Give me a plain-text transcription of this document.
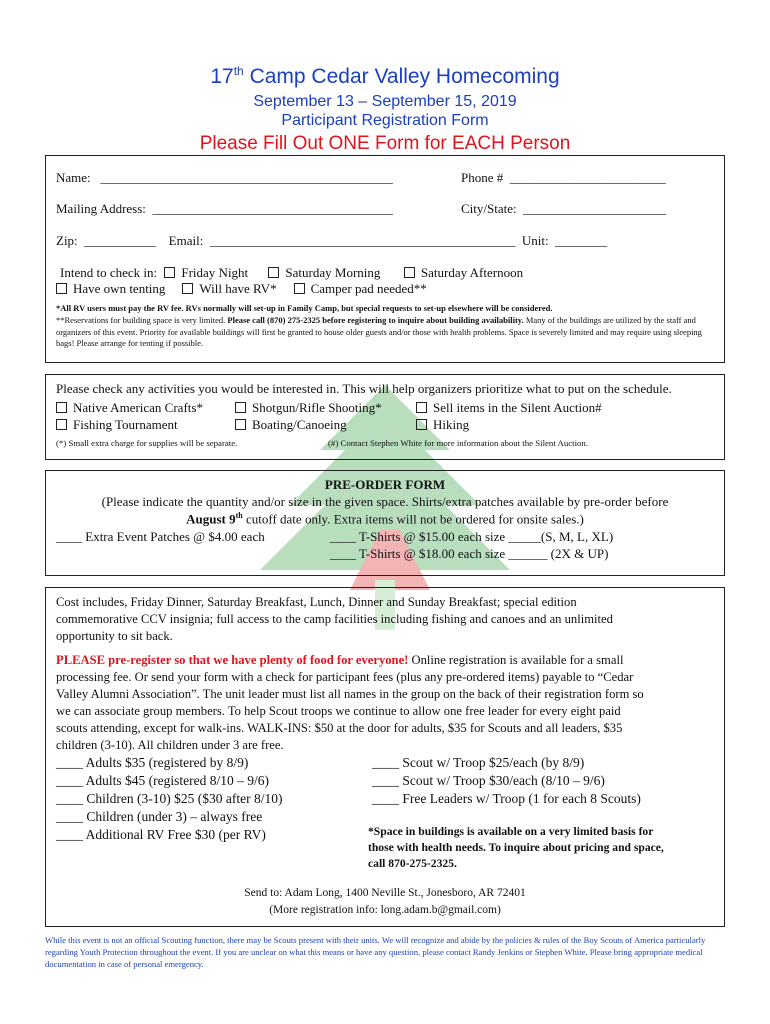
17th Camp Cedar Valley Homecoming
September 13 – September 15, 2019
Participant Registration Form
Please Fill Out ONE Form for EACH Person
Name: _____________________________________________	Phone # ________________________
Mailing Address: _____________________________________	City/State: ______________________
Zip: ___________ Email: _______________________________________________ Unit: ________
Intend to check in: Friday Night	Saturday Morning	Saturday Afternoon
Have own tenting	Will have RV*	Camper pad needed**
*All RV users must pay the RV fee. RVs normally will set-up in Family Camp, but special requests to set-up elsewhere will be considered.
**Reservations for building space is very limited. Please call (870) 275-2325 before registering to inquire about building availability. Many of the buildings are utilized by the staff and organizers of this event. Priority for available buildings will first be granted to house older guests and/or those with health problems. Space is severely limited and may require using sleeping bags! Please arrange for tenting if possible.
Please check any activities you would be interested in. This will help organizers prioritize what to put on the schedule.
Native American Crafts*	Shotgun/Rifle Shooting*	Sell items in the Silent Auction#
Fishing Tournament	Boating/Canoeing	Hiking
(*) Small extra charge for supplies will be separate.	(#) Contact Stephen White for more information about the Silent Auction.
PRE-ORDER FORM
(Please indicate the quantity and/or size in the given space. Shirts/extra patches available by pre-order before
August 9th cutoff date only. Extra items will not be ordered for onsite sales.)
____ Extra Event Patches @ $4.00 each	____ T-Shirts @ $15.00 each size _____(S, M, L, XL)
____ T-Shirts @ $18.00 each size ______ (2X & UP)
Cost includes, Friday Dinner, Saturday Breakfast, Lunch, Dinner and Sunday Breakfast; special edition
commemorative CCV insignia; full access to the camp facilities including fishing and canoes and an unlimited
opportunity to sit back.
PLEASE pre-register so that we have plenty of food for everyone! Online registration is available for a small
processing fee. Or send your form with a check for participant fees (plus any pre-ordered items) payable to “Cedar
Valley Alumni Association”. The unit leader must list all names in the group on the back of their registration form so
we can associate group members. To help Scout troops we continue to allow one free leader for every eight paid
scouts attending, except for walk-ins. WALK-INS: $50 at the door for adults, $35 for Scouts and all leaders, $35
children (3-10). All children under 3 are free.
____ Adults $35 (registered by 8/9)
____ Adults $45 (registered 8/10 – 9/6)
____ Children (3-10) $25 ($30 after 8/10)
____ Children (under 3) – always free
____ Additional RV Free $30 (per RV)
____ Scout w/ Troop $25/each (by 8/9)
____ Scout w/ Troop $30/each (8/10 – 9/6)
____ Free Leaders w/ Troop (1 for each 8 Scouts)
*Space in buildings is available on a very limited basis for
those with health needs. To inquire about pricing and space,
call 870-275-2325.
Send to: Adam Long, 1400 Neville St., Jonesboro, AR 72401
(More registration info: long.adam.b@gmail.com)
While this event is not an official Scouting function, there may be Scouts present with their units. We will recognize and abide by the policies & rules of the Boy Scouts of America particularly regarding Youth Protection throughout the event. If you are unclear on what this means or have any question, please contact Randy Jenkins or Stephen White. Please bring appropriate medical documentation in case of personal emergency.
